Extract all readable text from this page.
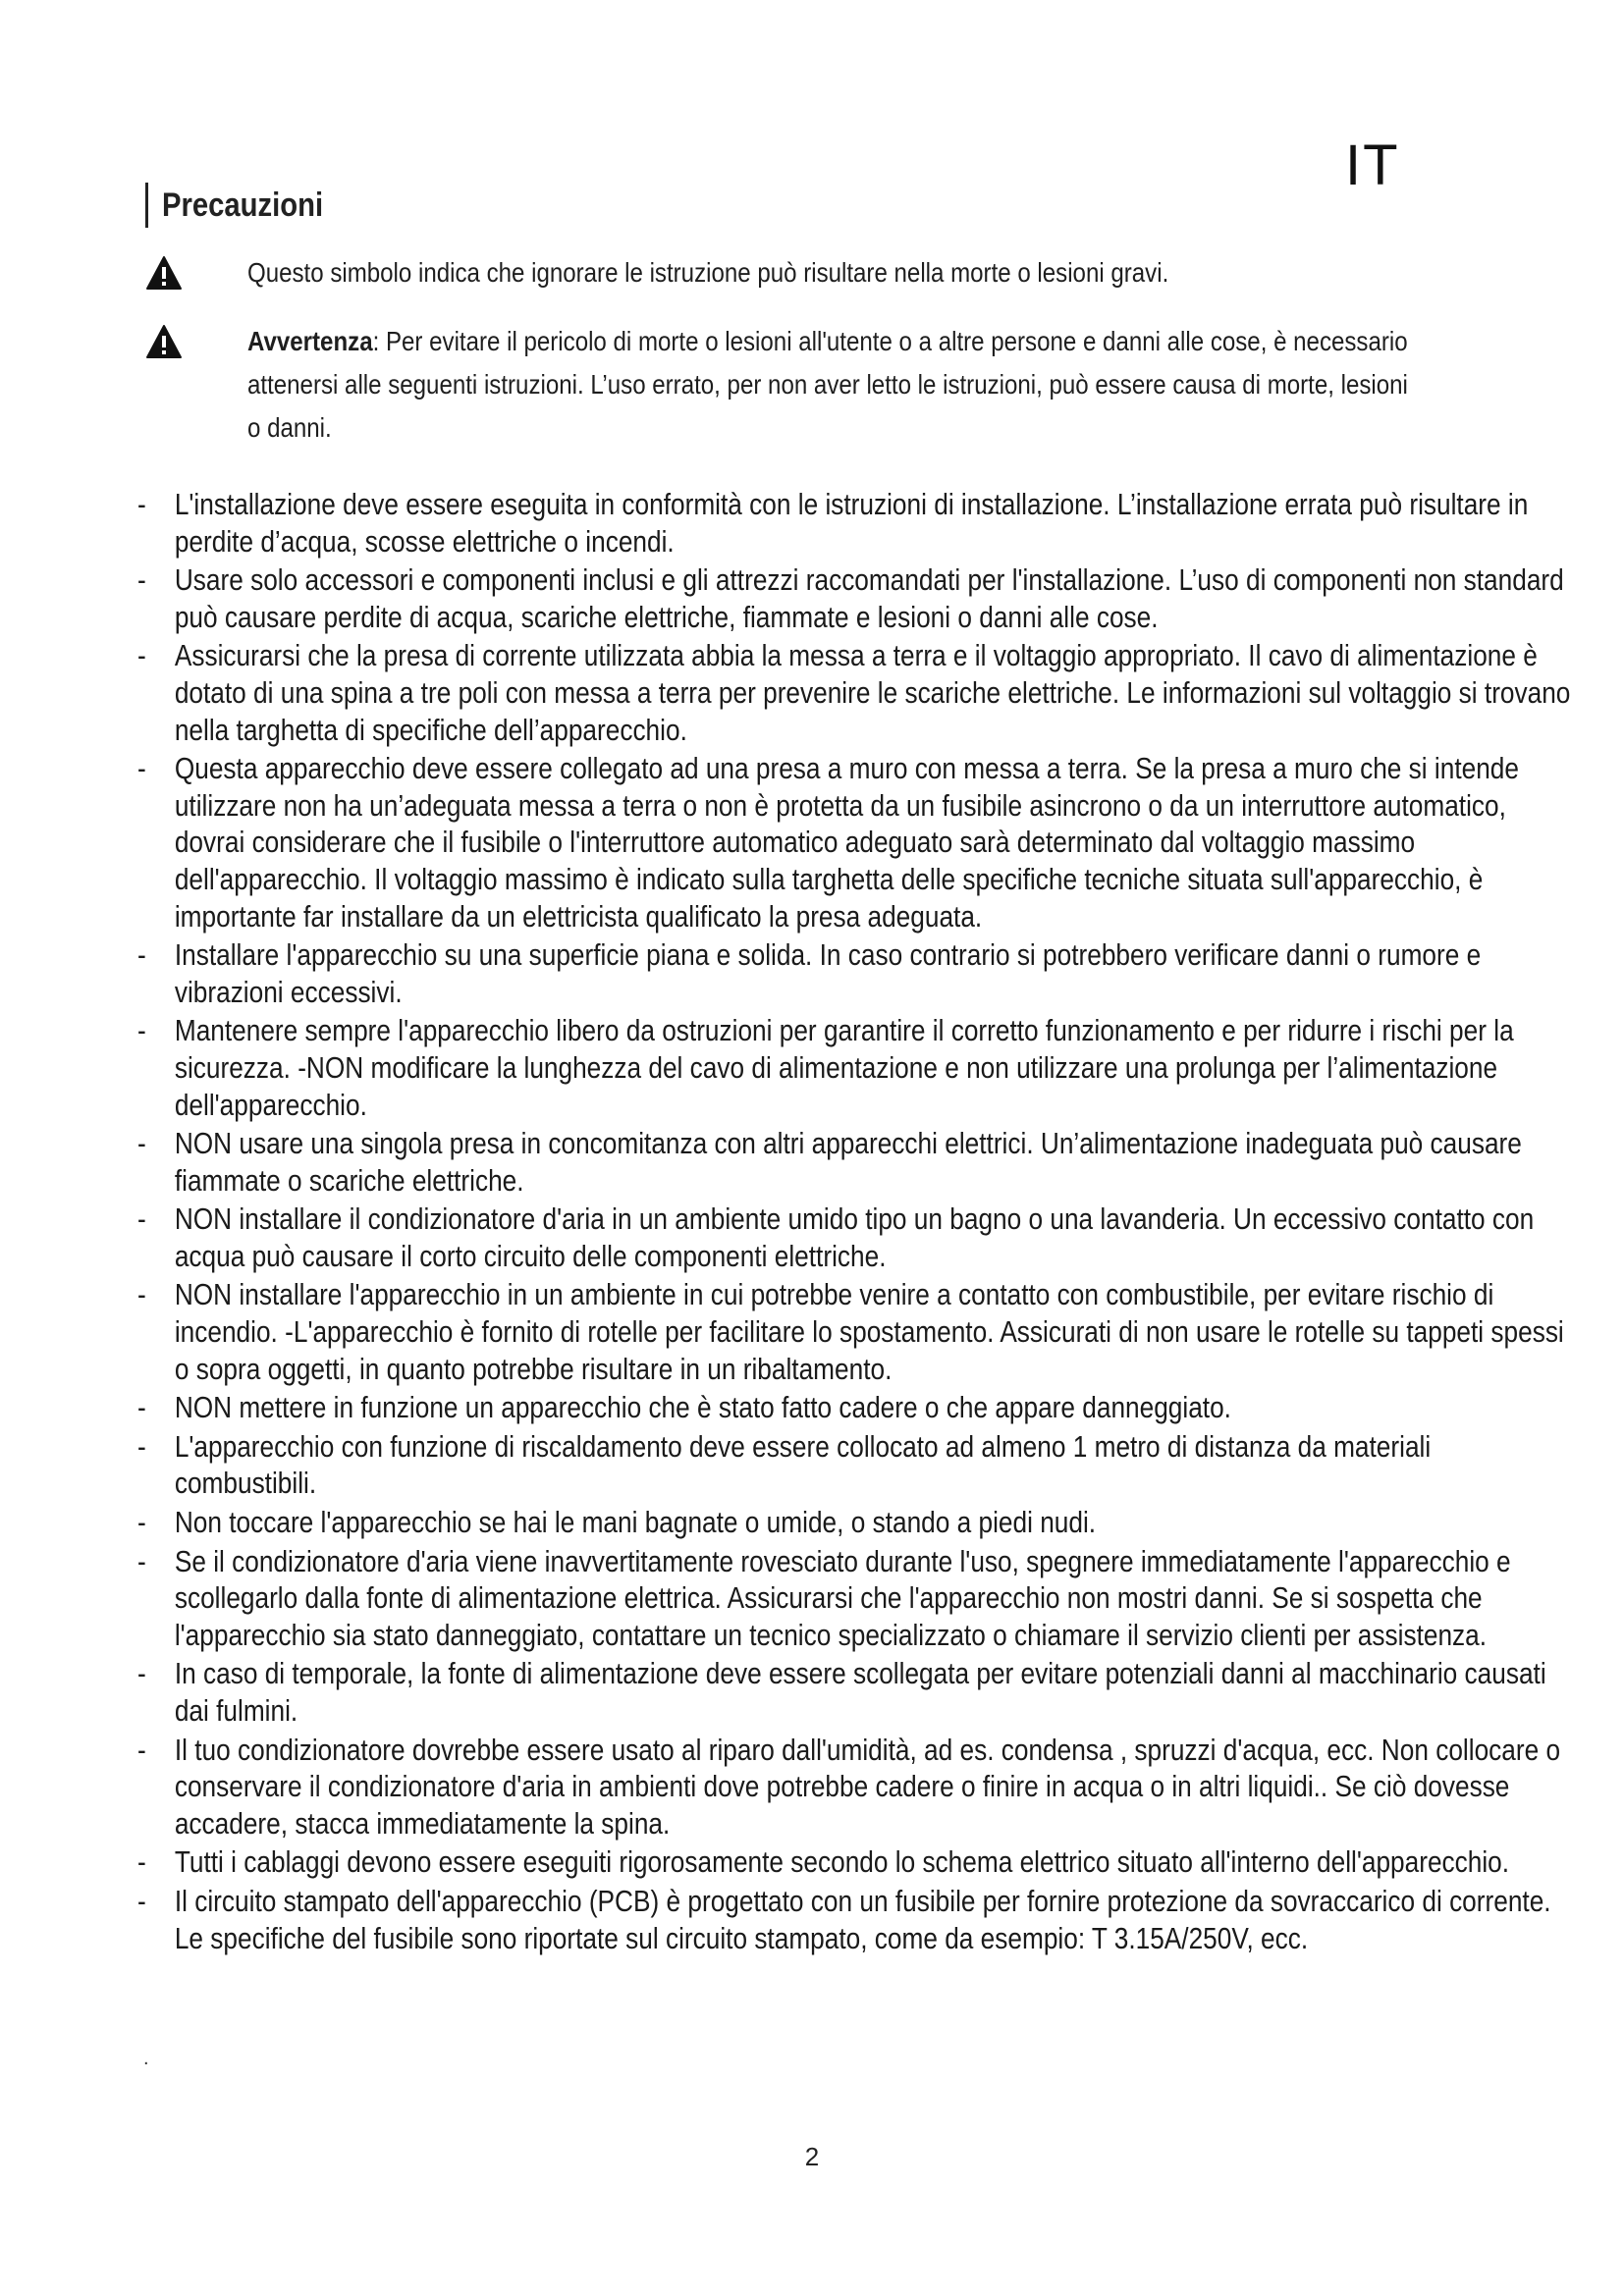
IT
Precauzioni

Questo simbolo indica che ignorare le istruzione può risultare nella morte o lesioni gravi.

Avvertenza: Per evitare il pericolo di morte o lesioni all'utente o a altre persone e danni alle cose, è necessario attenersi alle seguenti istruzioni. L’uso errato, per non aver letto le istruzioni, può essere causa di morte, lesioni o danni.

- L'installazione deve essere eseguita in conformità con le istruzioni di installazione. L’installazione errata può risultare in perdite d’acqua, scosse elettriche o incendi.
- Usare solo accessori e componenti inclusi e gli attrezzi raccomandati per l'installazione. L’uso di componenti non standard può causare perdite di acqua, scariche elettriche, fiammate e lesioni o danni alle cose.
- Assicurarsi che la presa di corrente utilizzata abbia la messa a terra e il voltaggio appropriato. Il cavo di alimentazione è dotato di una spina a tre poli con messa a terra per prevenire le scariche elettriche. Le informazioni sul voltaggio si trovano nella targhetta di specifiche dell’apparecchio.
- Questa apparecchio deve essere collegato ad una presa a muro con messa a terra. Se la presa a muro che si intende utilizzare non ha un’adeguata messa a terra o non è protetta da un fusibile asincrono o da un interruttore automatico, dovrai considerare che il fusibile o l'interruttore automatico adeguato sarà determinato dal voltaggio massimo dell'apparecchio. Il voltaggio massimo è indicato sulla targhetta delle specifiche tecniche situata sull'apparecchio, è importante far installare da un elettricista qualificato la presa adeguata.
- Installare l'apparecchio su una superficie piana e solida. In caso contrario si potrebbero verificare danni o rumore e vibrazioni eccessivi.
- Mantenere sempre l'apparecchio libero da ostruzioni per garantire il corretto funzionamento e per ridurre i rischi per la sicurezza. -NON modificare la lunghezza del cavo di alimentazione e non utilizzare una prolunga per l’alimentazione dell'apparecchio.
- NON usare una singola presa in concomitanza con altri apparecchi elettrici. Un’alimentazione inadeguata può causare fiammate o scariche elettriche.
- NON installare il condizionatore d'aria in un ambiente umido tipo un bagno o una lavanderia. Un eccessivo contatto con acqua può causare il corto circuito delle componenti elettriche.
- NON installare l'apparecchio in un ambiente in cui potrebbe venire a contatto con combustibile, per evitare rischio di incendio. -L'apparecchio è fornito di rotelle per facilitare lo spostamento. Assicurati di non usare le rotelle su tappeti spessi o sopra oggetti, in quanto potrebbe risultare in un ribaltamento.
- NON mettere in funzione un apparecchio che è stato fatto cadere o che appare danneggiato.
- L'apparecchio con funzione di riscaldamento deve essere collocato ad almeno 1 metro di distanza da materiali combustibili.
- Non toccare l'apparecchio se hai le mani bagnate o umide, o stando a piedi nudi.
- Se il condizionatore d'aria viene inavvertitamente rovesciato durante l'uso, spegnere immediatamente l'apparecchio e scollegarlo dalla fonte di alimentazione elettrica. Assicurarsi che l'apparecchio non mostri danni. Se si sospetta che l'apparecchio sia stato danneggiato, contattare un tecnico specializzato o chiamare il servizio clienti per assistenza.
- In caso di temporale, la fonte di alimentazione deve essere scollegata per evitare potenziali danni al macchinario causati dai fulmini.
- Il tuo condizionatore dovrebbe essere usato al riparo dall'umidità, ad es. condensa , spruzzi d'acqua, ecc. Non collocare o conservare il condizionatore d'aria in ambienti dove potrebbe cadere o finire in acqua o in altri liquidi.. Se ciò dovesse accadere, stacca immediatamente la spina.
- Tutti i cablaggi devono essere eseguiti rigorosamente secondo lo schema elettrico situato all'interno dell'apparecchio.
- Il circuito stampato dell'apparecchio (PCB) è progettato con un fusibile per fornire protezione da sovraccarico di corrente. Le specifiche del fusibile sono riportate sul circuito stampato, come da esempio: T 3.15A/250V, ecc.
.
2
